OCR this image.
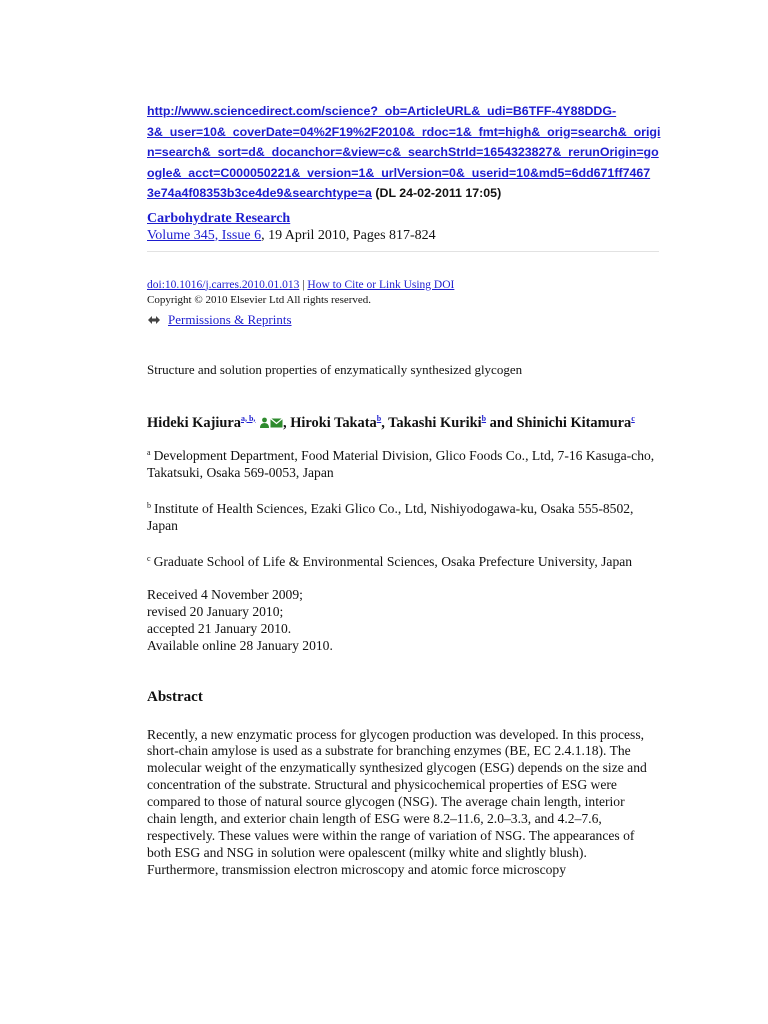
http://www.sciencedirect.com/science?_ob=ArticleURL&_udi=B6TFF-4Y88DDG-
3&_user=10&_coverDate=04%2F19%2F2010&_rdoc=1&_fmt=high&_orig=search&_origi
n=search&_sort=d&_docanchor=&view=c&_searchStrId=1654323827&_rerunOrigin=go
ogle&_acct=C000050221&_version=1&_urlVersion=0&_userid=10&md5=6dd671ff7467
3e74a4f08353b3ce4de9&searchtype=a (DL 24-02-2011 17:05)
Carbohydrate Research
Volume 345, Issue 6, 19 April 2010, Pages 817-824
doi:10.1016/j.carres.2010.01.013 | How to Cite or Link Using DOI
Copyright © 2010 Elsevier Ltd All rights reserved.
Permissions & Reprints
Structure and solution properties of enzymatically synthesized glycogen
Hideki Kajiura$^{a, b,}$ , Hiroki Takata$^b$, Takashi Kuriki$^b$ and Shinichi Kitamura$^c$
$^a$ Development Department, Food Material Division, Glico Foods Co., Ltd, 7-16 Kasuga-cho, Takatsuki, Osaka 569-0053, Japan
$^b$ Institute of Health Sciences, Ezaki Glico Co., Ltd, Nishiyodogawa-ku, Osaka 555-8502, Japan
$^c$ Graduate School of Life & Environmental Sciences, Osaka Prefecture University, Japan
Received 4 November 2009;
revised 20 January 2010;
accepted 21 January 2010.
Available online 28 January 2010.
Abstract
Recently, a new enzymatic process for glycogen production was developed. In this process, short-chain amylose is used as a substrate for branching enzymes (BE, EC 2.4.1.18). The molecular weight of the enzymatically synthesized glycogen (ESG) depends on the size and concentration of the substrate. Structural and physicochemical properties of ESG were compared to those of natural source glycogen (NSG). The average chain length, interior chain length, and exterior chain length of ESG were 8.2–11.6, 2.0–3.3, and 4.2–7.6, respectively. These values were within the range of variation of NSG. The appearances of both ESG and NSG in solution were opalescent (milky white and slightly blush). Furthermore, transmission electron microscopy and atomic force microscopy
